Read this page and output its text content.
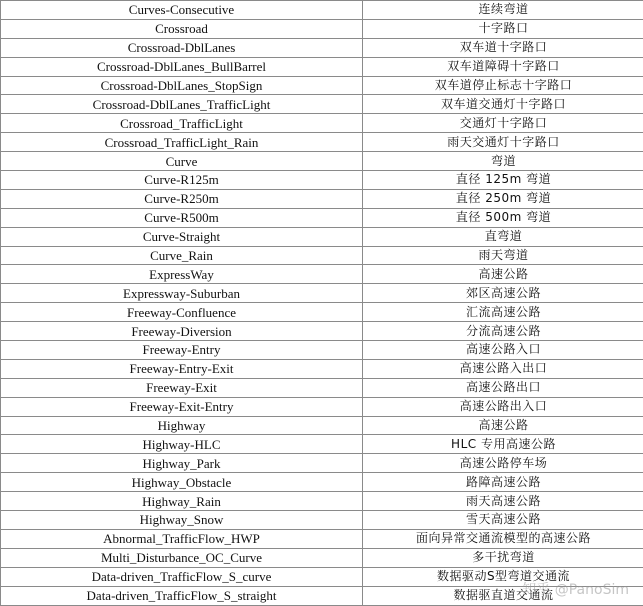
Curves-Consecutive	连续弯道
Crossroad	十字路口
Crossroad-DblLanes	双车道十字路口
Crossroad-DblLanes_BullBarrel	双车道障碍十字路口
Crossroad-DblLanes_StopSign	双车道停止标志十字路口
Crossroad-DblLanes_TrafficLight	双车道交通灯十字路口
Crossroad_TrafficLight	交通灯十字路口
Crossroad_TrafficLight_Rain	雨天交通灯十字路口
Curve	弯道
Curve-R125m	直径 125m 弯道
Curve-R250m	直径 250m 弯道
Curve-R500m	直径 500m 弯道
Curve-Straight	直弯道
Curve_Rain	雨天弯道
ExpressWay	高速公路
Expressway-Suburban	郊区高速公路
Freeway-Confluence	汇流高速公路
Freeway-Diversion	分流高速公路
Freeway-Entry	高速公路入口
Freeway-Entry-Exit	高速公路入出口
Freeway-Exit	高速公路出口
Freeway-Exit-Entry	高速公路出入口
Highway	高速公路
Highway-HLC	HLC 专用高速公路
Highway_Park	高速公路停车场
Highway_Obstacle	路障高速公路
Highway_Rain	雨天高速公路
Highway_Snow	雪天高速公路
Abnormal_TrafficFlow_HWP	面向异常交通流模型的高速公路
Multi_Disturbance_OC_Curve	多干扰弯道
Data-driven_TrafficFlow_S_curve	数据驱动S型弯道交通流
Data-driven_TrafficFlow_S_straight	数据驱直道交通流
知乎 @PanoSim
